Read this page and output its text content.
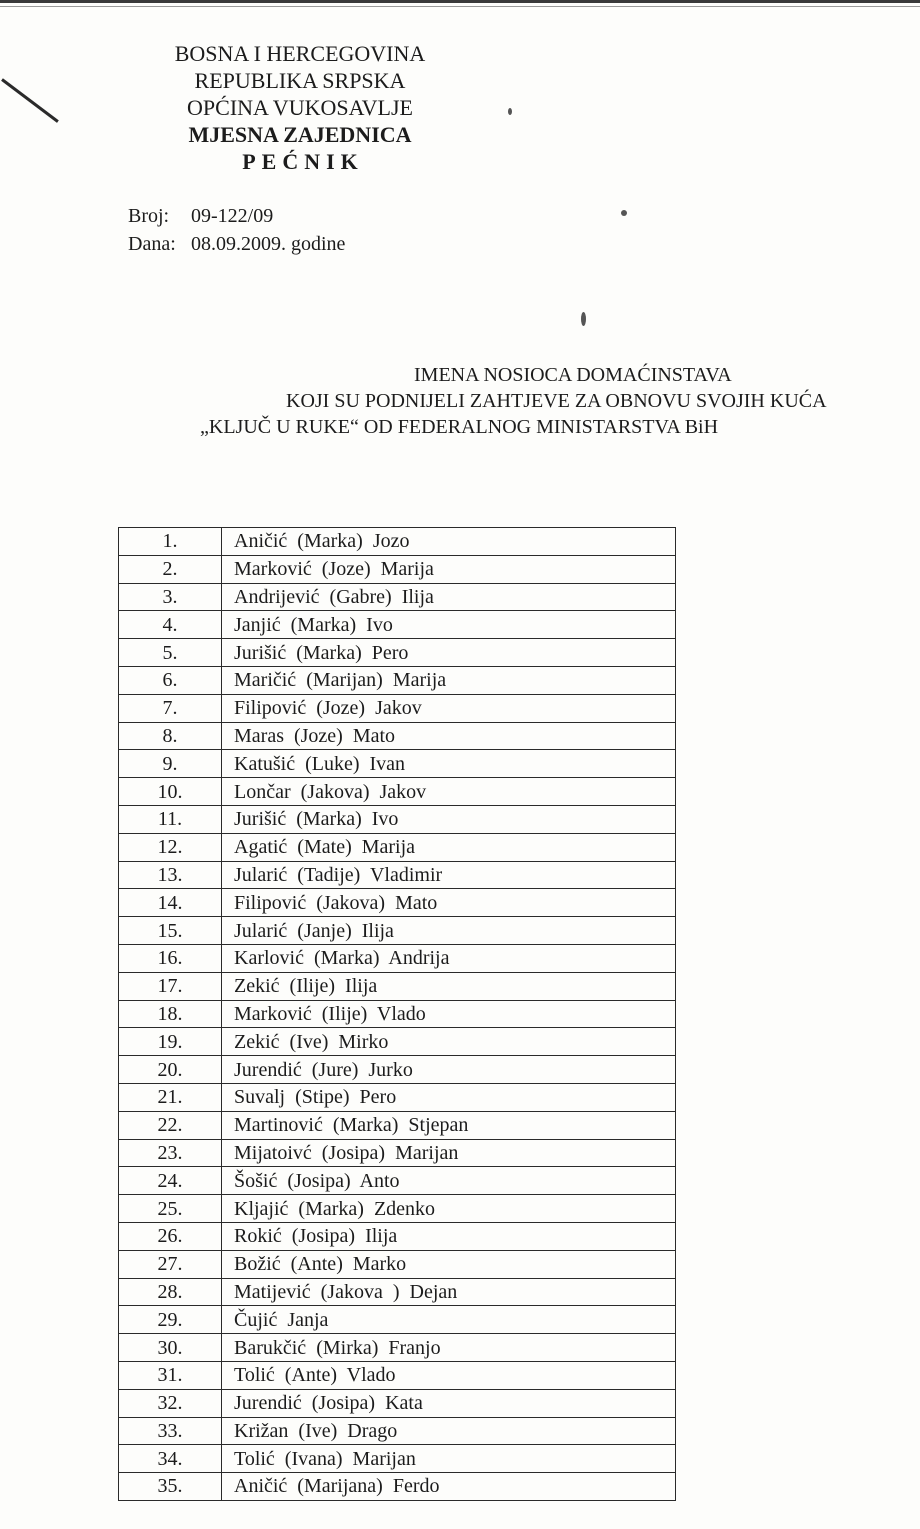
BOSNA I HERCEGOVINA
REPUBLIKA SRPSKA
OPĆINA VUKOSAVLJE
MJESNA ZAJEDNICA
PEĆNIK
Broj: 09-122/09
Dana: 08.09.2009. godine
IMENA NOSIOCA DOMAĆINSTAVA
KOJI SU PODNIJELI ZAHTJEVE ZA OBNOVU SVOJIH KUĆA
„KLJUČ U RUKE“ OD FEDERALNOG MINISTARSTVA BiH
1.	Aničić (Marka) Jozo
2.	Marković (Joze) Marija
3.	Andrijević (Gabre) Ilija
4.	Janjić (Marka) Ivo
5.	Jurišić (Marka) Pero
6.	Maričić (Marijan) Marija
7.	Filipović (Joze) Jakov
8.	Maras (Joze) Mato
9.	Katušić (Luke) Ivan
10.	Lončar (Jakova) Jakov
11.	Jurišić (Marka) Ivo
12.	Agatić (Mate) Marija
13.	Jularić (Tadije) Vladimir
14.	Filipović (Jakova) Mato
15.	Jularić (Janje) Ilija
16.	Karlović (Marka) Andrija
17.	Zekić (Ilije) Ilija
18.	Marković (Ilije) Vlado
19.	Zekić (Ive) Mirko
20.	Jurendić (Jure) Jurko
21.	Suvalj (Stipe) Pero
22.	Martinović (Marka) Stjepan
23.	Mijatoivć (Josipa) Marijan
24.	Šošić (Josipa) Anto
25.	Kljajić (Marka) Zdenko
26.	Rokić (Josipa) Ilija
27.	Božić (Ante) Marko
28.	Matijević (Jakova ) Dejan
29.	Čujić Janja
30.	Barukčić (Mirka) Franjo
31.	Tolić (Ante) Vlado
32.	Jurendić (Josipa) Kata
33.	Križan (Ive) Drago
34.	Tolić (Ivana) Marijan
35.	Aničić (Marijana) Ferdo
